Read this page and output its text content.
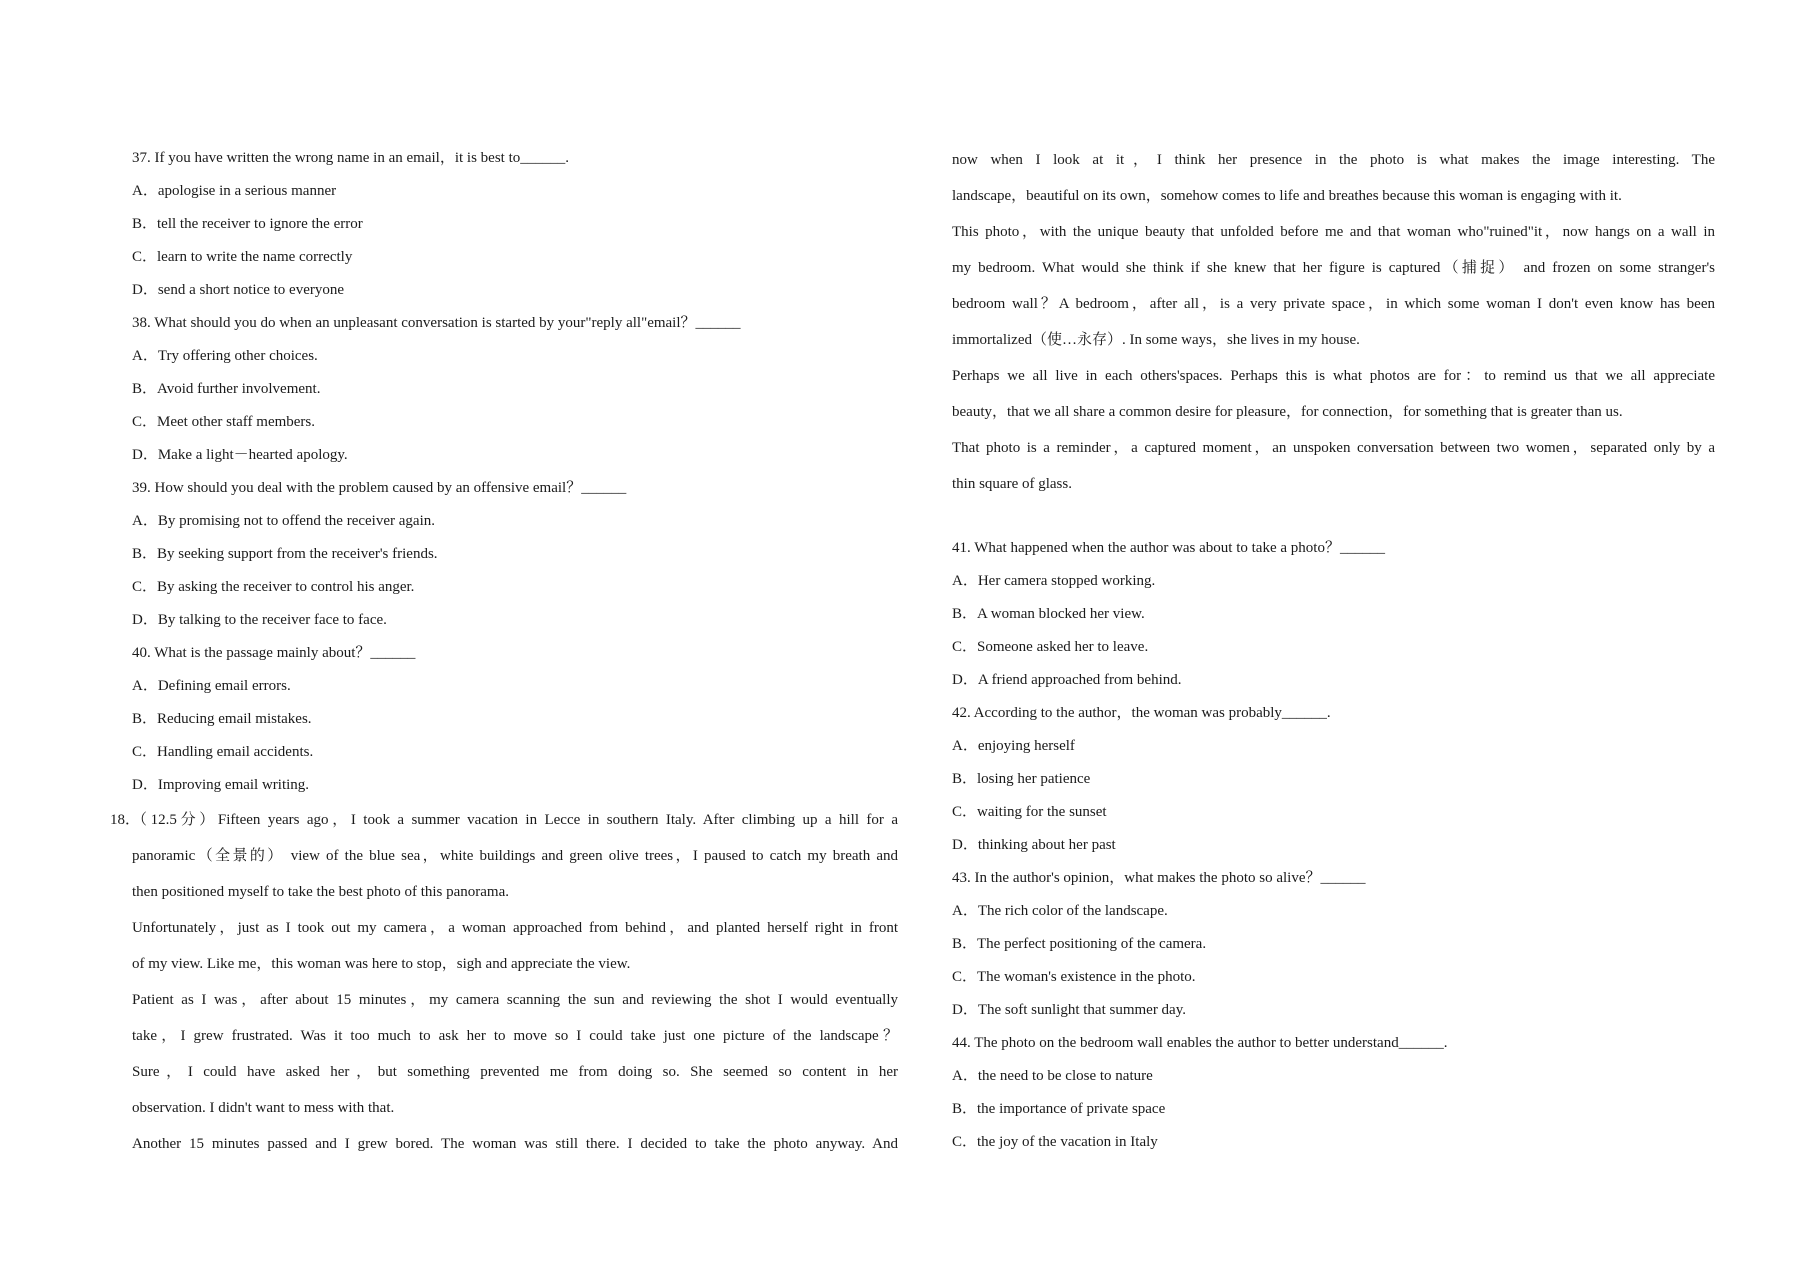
37. If you have written the wrong name in an email，it is best to______.
A．apologise in a serious manner
B．tell the receiver to ignore the error
C．learn to write the name correctly
D．send a short notice to everyone
38. What should you do when an unpleasant conversation is started by your"reply all"email？______
A．Try offering other choices.
B．Avoid further involvement.
C．Meet other staff members.
D．Make a light－hearted apology.
39. How should you deal with the problem caused by an offensive email？______
A．By promising not to offend the receiver again.
B．By seeking support from the receiver's friends.
C．By asking the receiver to control his anger.
D．By talking to the receiver face to face.
40. What is the passage mainly about？______
A．Defining email errors.
B．Reducing email mistakes.
C．Handling email accidents.
D．Improving email writing.
18．
（12.5分）Fifteen years ago，I took a summer vacation in Lecce in southern Italy. After climbing up a hill for a
panoramic（全景的） view of the blue sea，white buildings and green olive trees，I paused to catch my breath and
then positioned myself to take the best photo of this panorama.
Unfortunately，just as I took out my camera，a woman approached from behind，and planted herself right in front
of my view. Like me，this woman was here to stop，sigh and appreciate the view.
Patient as I was，after about 15 minutes，my camera scanning the sun and reviewing the shot I would eventually
take，I grew frustrated. Was it too much to ask her to move so I could take just one picture of the landscape？
Sure，I could have asked her，but something prevented me from doing so. She seemed so content in her
observation. I didn't want to mess with that.
Another 15 minutes passed and I grew bored. The woman was still there. I decided to take the photo anyway. And
now when I look at it，I think her presence in the photo is what makes the image interesting. The
landscape，beautiful on its own，somehow comes to life and breathes because this woman is engaging with it.
This photo，with the unique beauty that unfolded before me and that woman who"ruined"it，now hangs on a wall in
my bedroom. What would she think if she knew that her figure is captured（捕捉） and frozen on some stranger's
bedroom wall？A bedroom，after all，is a very private space，in which some woman I don't even know has been
immortalized（使…永存）. In some ways，she lives in my house.
Perhaps we all live in each others'spaces. Perhaps this is what photos are for：to remind us that we all appreciate
beauty，that we all share a common desire for pleasure，for connection，for something that is greater than us.
That photo is a reminder，a captured moment，an unspoken conversation between two women，separated only by a
thin square of glass.
41. What happened when the author was about to take a photo？______
A．Her camera stopped working.
B．A woman blocked her view.
C．Someone asked her to leave.
D．A friend approached from behind.
42. According to the author，the woman was probably______.
A．enjoying herself
B．losing her patience
C．waiting for the sunset
D．thinking about her past
43. In the author's opinion，what makes the photo so alive？______
A．The rich color of the landscape.
B．The perfect positioning of the camera.
C．The woman's existence in the photo.
D．The soft sunlight that summer day.
44. The photo on the bedroom wall enables the author to better understand______.
A．the need to be close to nature
B．the importance of private space
C．the joy of the vacation in Italy
